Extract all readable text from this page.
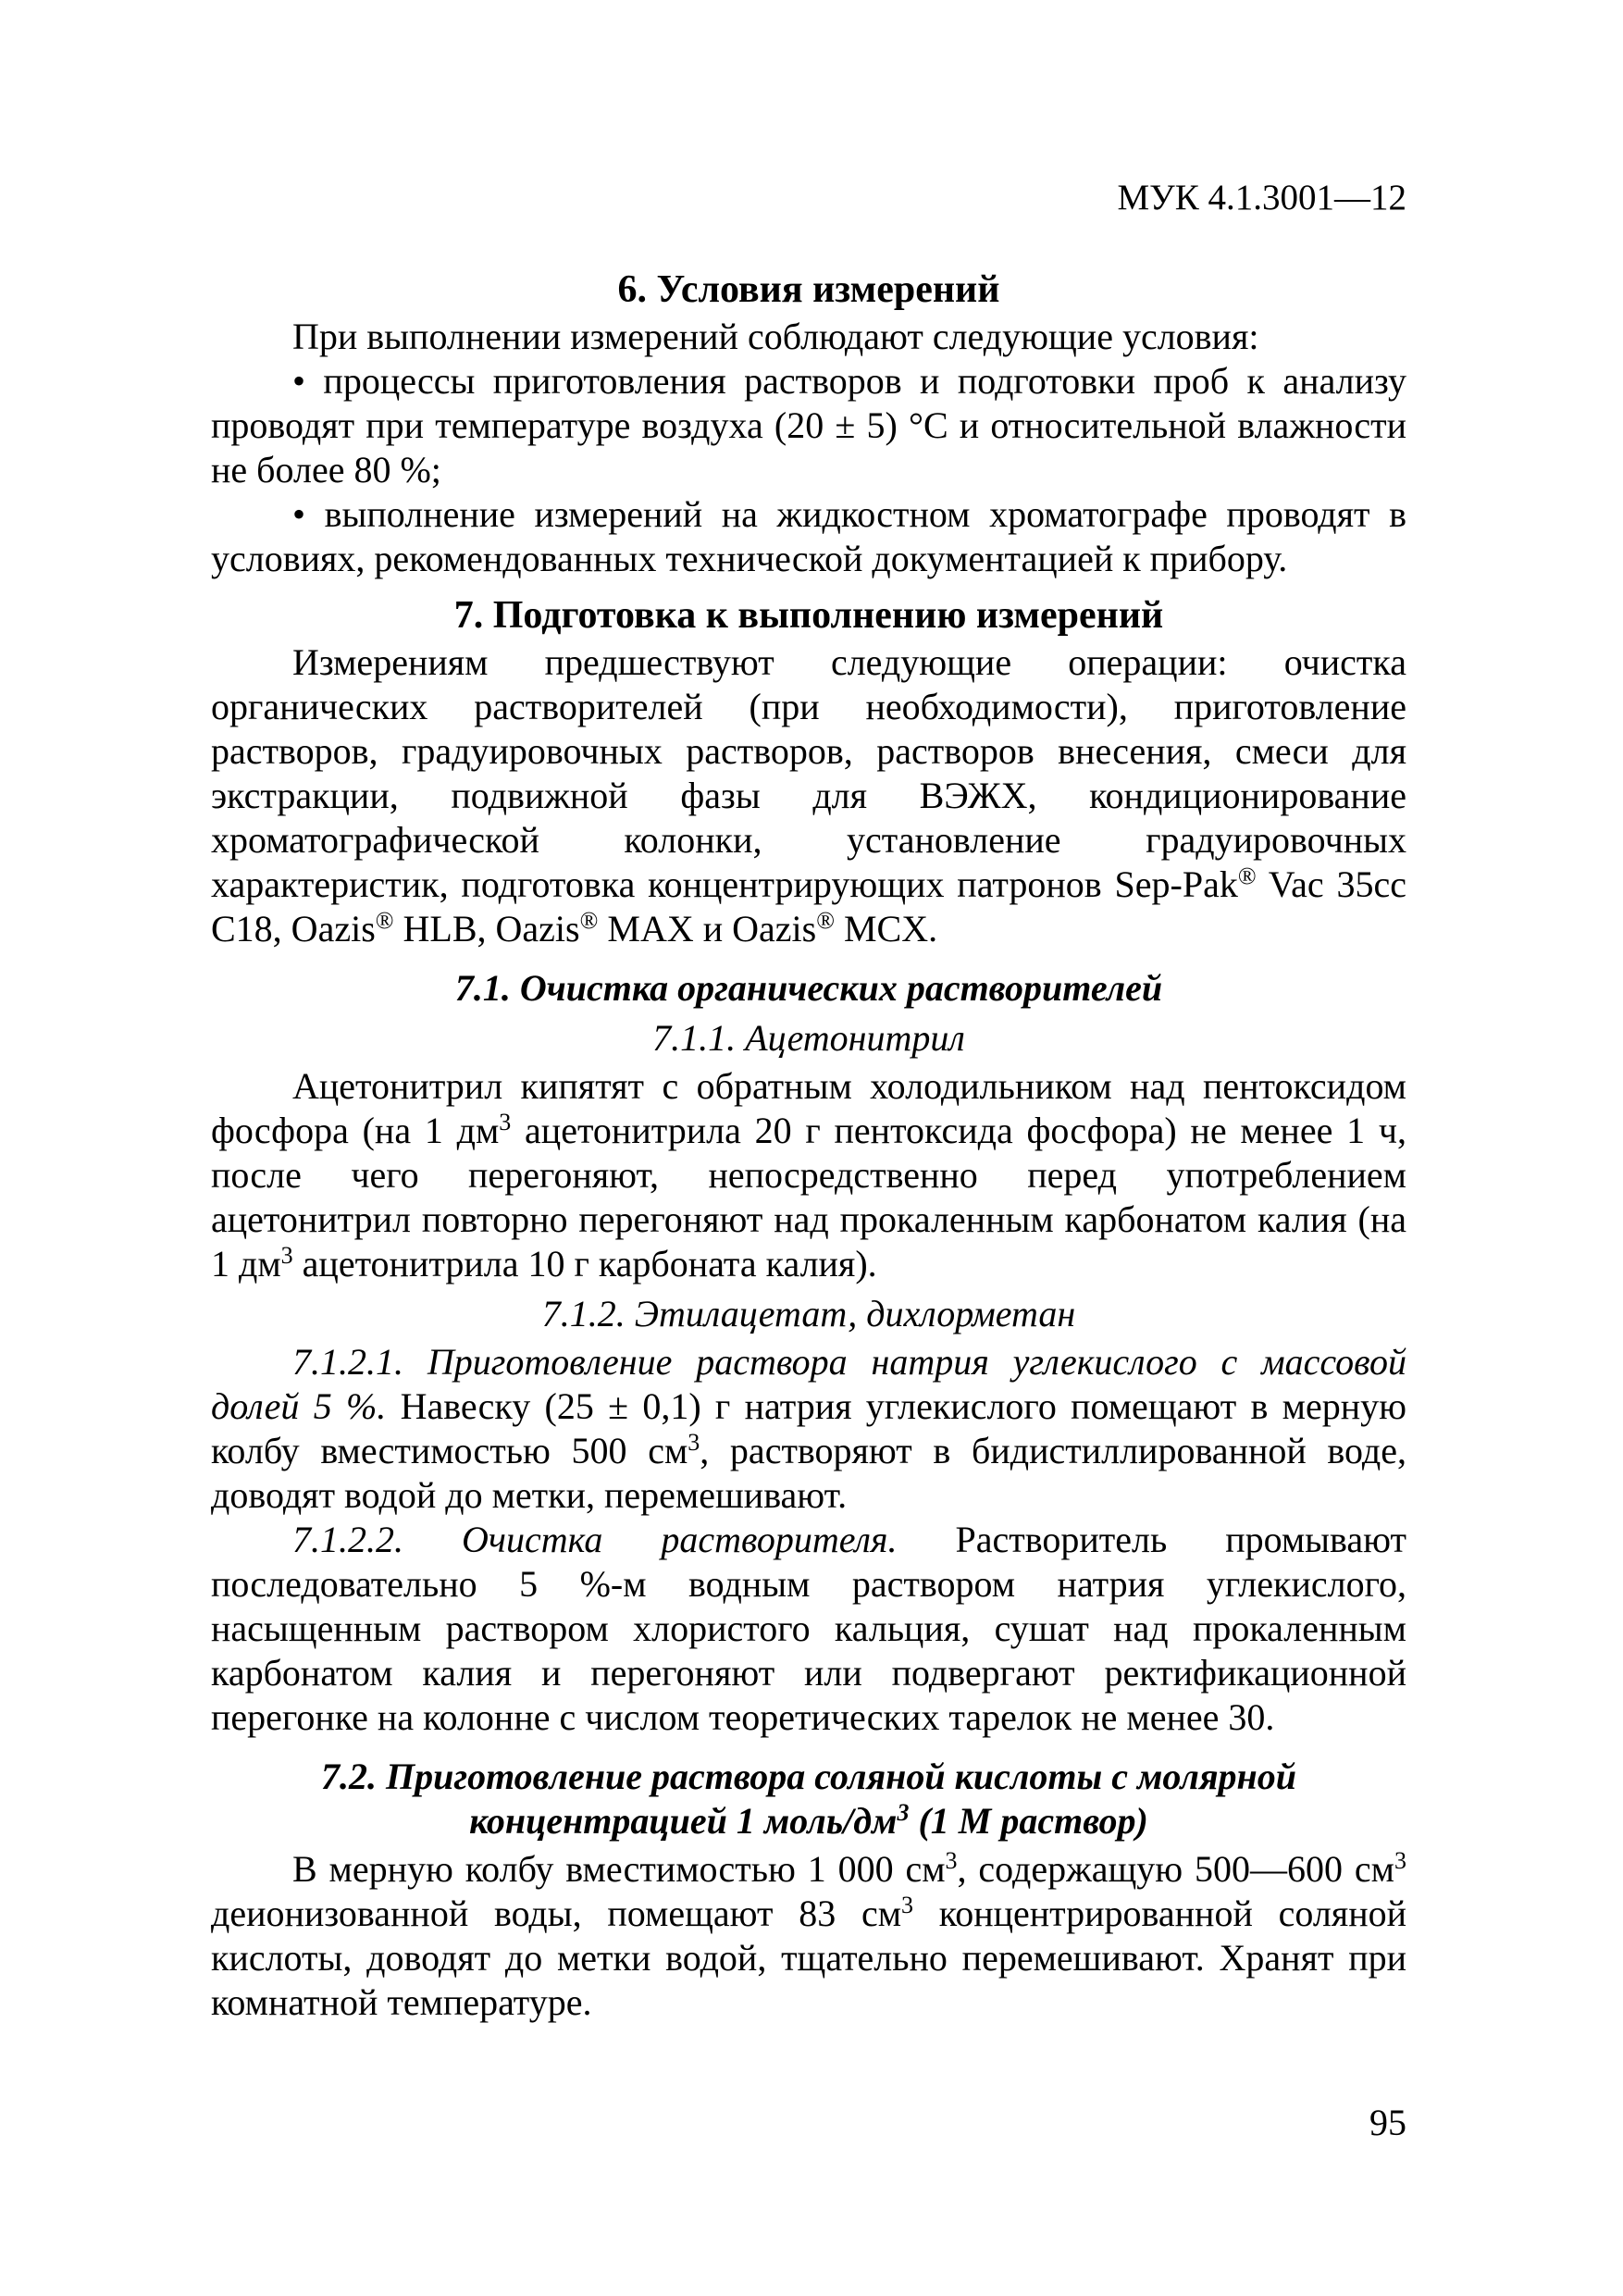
МУК 4.1.3001—12
6. Условия измерений

При выполнении измерений соблюдают следующие условия:

• процессы приготовления растворов и подготовки проб к анализу проводят при температуре воздуха (20 ± 5) °С и относительной влажности не более 80 %;

• выполнение измерений на жидкостном хроматографе проводят в условиях, рекомендованных технической документацией к прибору.

7. Подготовка к выполнению измерений

Измерениям предшествуют следующие операции: очистка органических растворителей (при необходимости), приготовление растворов, градуировочных растворов, растворов внесения, смеси для экстракции, подвижной фазы для ВЭЖХ, кондиционирование хроматографической колонки, установление градуировочных характеристик, подготовка концентрирующих патронов Sep-Pak® Vac 35cc C18, Oazis® HLB, Oazis® MAX и Oazis® MCX.

7.1. Очистка органических растворителей
7.1.1. Ацетонитрил

Ацетонитрил кипятят с обратным холодильником над пентоксидом фосфора (на 1 $дм^3$ ацетонитрила 20 г пентоксида фосфора) не менее 1 ч, после чего перегоняют, непосредственно перед употреблением ацетонитрил повторно перегоняют над прокаленным карбонатом калия (на 1 $дм^3$ ацетонитрила 10 г карбоната калия).

7.1.2. Этилацетат, дихлорметан

7.1.2.1. Приготовление раствора натрия углекислого с массовой долей 5 %. Навеску (25 ± 0,1) г натрия углекислого помещают в мерную колбу вместимостью 500 $см^3$, растворяют в бидистиллированной воде, доводят водой до метки, перемешивают.

7.1.2.2. Очистка растворителя. Растворитель промывают последовательно 5 %-м водным раствором натрия углекислого, насыщенным раствором хлористого кальция, сушат над прокаленным карбонатом калия и перегоняют или подвергают ректификационной перегонке на колонне с числом теоретических тарелок не менее 30.

7.2. Приготовление раствора соляной кислоты с молярной концентрацией 1 моль/$дм^3$ (1 М раствор)

В мерную колбу вместимостью 1 000 $см^3$, содержащую 500—600 $см^3$ деионизованной воды, помещают 83 $см^3$ концентрированной соляной кислоты, доводят до метки водой, тщательно перемешивают. Хранят при комнатной температуре.

95
